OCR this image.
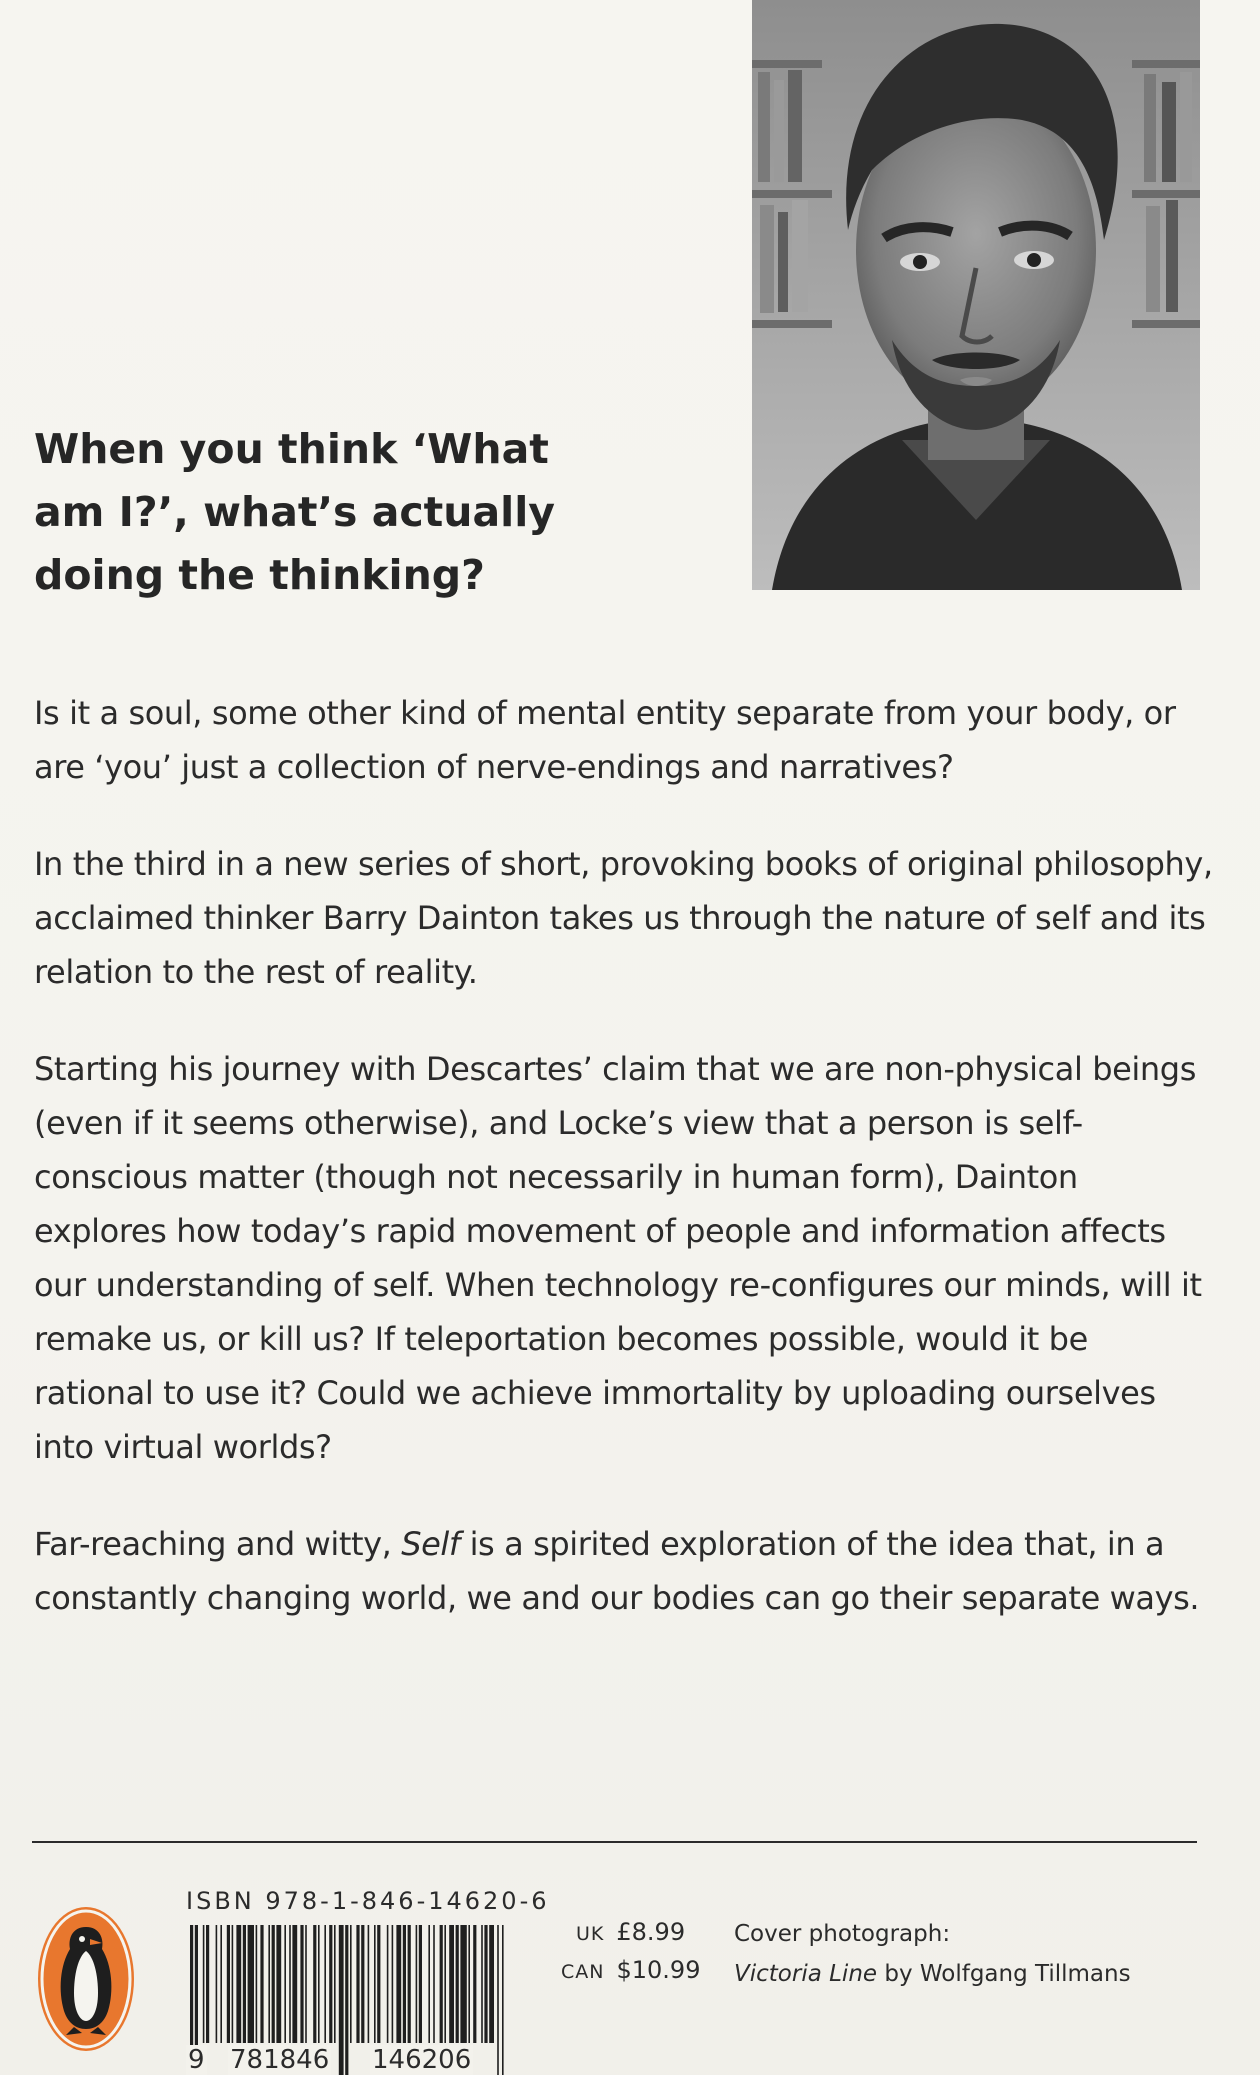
When you think ‘What
am I?’, what’s actually
doing the thinking?

Is it a soul, some other kind of mental entity separate from your body, or are ‘you’ just a collection of nerve-endings and narratives?

In the third in a new series of short, provoking books of original philosophy, acclaimed thinker Barry Dainton takes us through the nature of self and its relation to the rest of reality.

Starting his journey with Descartes’ claim that we are non-physical beings (even if it seems otherwise), and Locke’s view that a person is self-conscious matter (though not necessarily in human form), Dainton explores how today’s rapid movement of people and information affects our understanding of self. When technology re-configures our minds, will it remake us, or kill us? If teleportation becomes possible, would it be rational to use it? Could we achieve immortality by uploading ourselves into virtual worlds?

Far-reaching and witty, Self is a spirited exploration of the idea that, in a constantly changing world, we and our bodies can go their separate ways.

ISBN 978-1-846-14620-6
9 781846 146206
UK £8.99
CAN $10.99
Cover photograph:
Victoria Line by Wolfgang Tillmans
